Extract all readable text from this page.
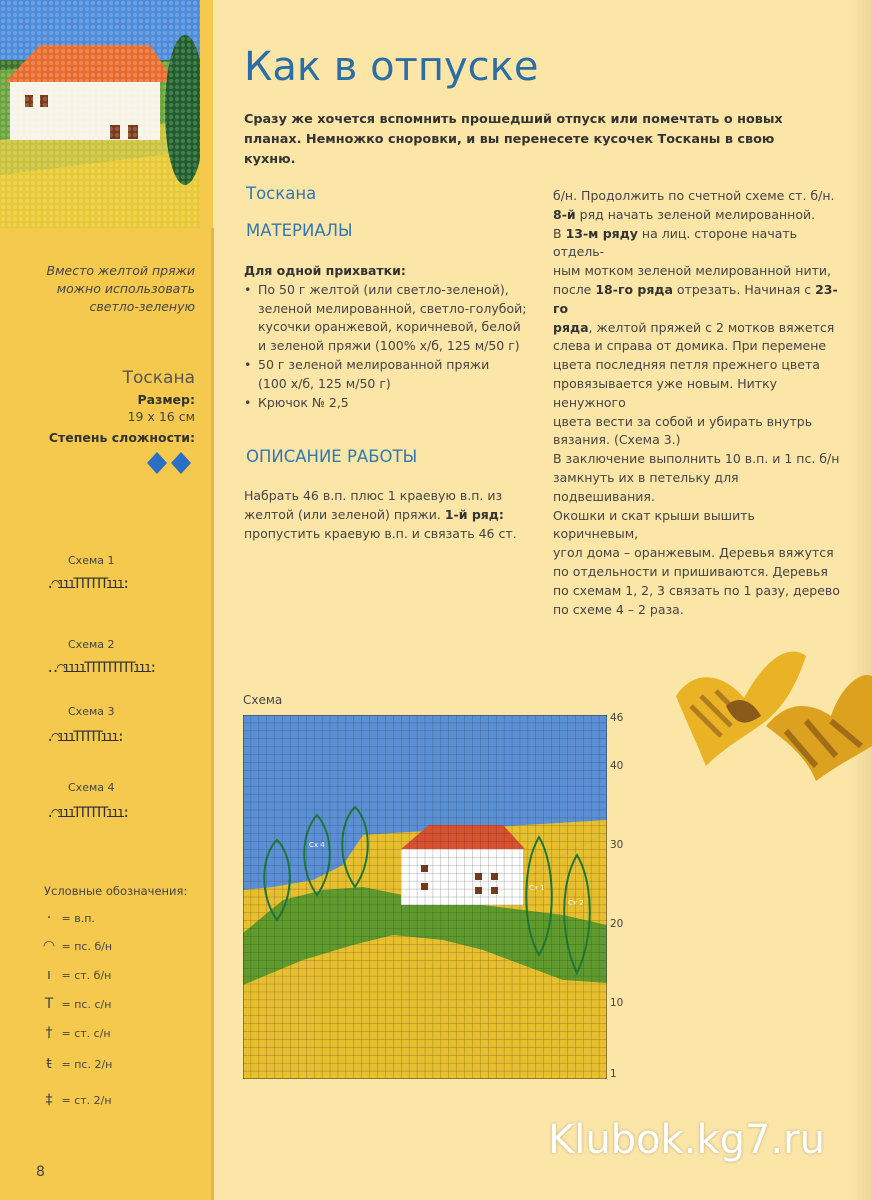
Вместо желтой пряжи
можно использовать
светло-зеленую
Тоскана
Размер:
19 x 16 см
Степень сложности:
Схема 1
.◠ıııTTTTTTııı:
Схема 2
..◠ııııTTTTTTTTTııı:
Схема 3
.◠ıııTTTTTııı:
Схема 4
.◠ıııTTTTTTııı:
Условные обозначения:
· = в.п.
◠ = пс. б/н
ı = ст. б/н
T = пс. с/н
† = ст. с/н
ŧ = пс. 2/н
‡ = ст. 2/н
8
Как в отпуске
Сразу же хочется вспомнить прошедший отпуск или помечтать о новых планах. Немножко сноровки, и вы перенесете кусочек Тосканы в свою кухню.
Тоскана
МАТЕРИАЛЫ
Для одной прихватки:
• По 50 г желтой (или светло-зеленой),
зеленой мелированной, светло-голубой;
кусочки оранжевой, коричневой, белой
и зеленой пряжи (100% х/б, 125 м/50 г)
• 50 г зеленой мелированной пряжи
(100 х/б, 125 м/50 г)
• Крючок № 2,5
ОПИСАНИЕ РАБОТЫ
Набрать 46 в.п. плюс 1 краевую в.п. из
желтой (или зеленой) пряжи. 1-й ряд:
пропустить краевую в.п. и связать 46 ст.
б/н. Продолжить по счетной схеме ст. б/н.
8-й ряд начать зеленой мелированной.
В 13-м ряду на лиц. стороне начать отдель-
ным мотком зеленой мелированной нити,
после 18-го ряда отрезать. Начиная с 23-го
ряда, желтой пряжей с 2 мотков вяжется
слева и справа от домика. При перемене
цвета последняя петля прежнего цвета
провязывается уже новым. Нитку ненужного
цвета вести за собой и убирать внутрь
вязания. (Схема 3.)
В заключение выполнить 10 в.п. и 1 пс. б/н
замкнуть их в петельку для подвешивания.
Окошки и скат крыши вышить коричневым,
угол дома – оранжевым. Деревья вяжутся
по отдельности и пришиваются. Деревья
по схемам 1, 2, 3 связать по 1 разу, дерево
по схеме 4 – 2 раза.
Схема
Сх 4
Сх 1
Сх 2
46
40
30
20
10
1
Klubok.kg7.ru
